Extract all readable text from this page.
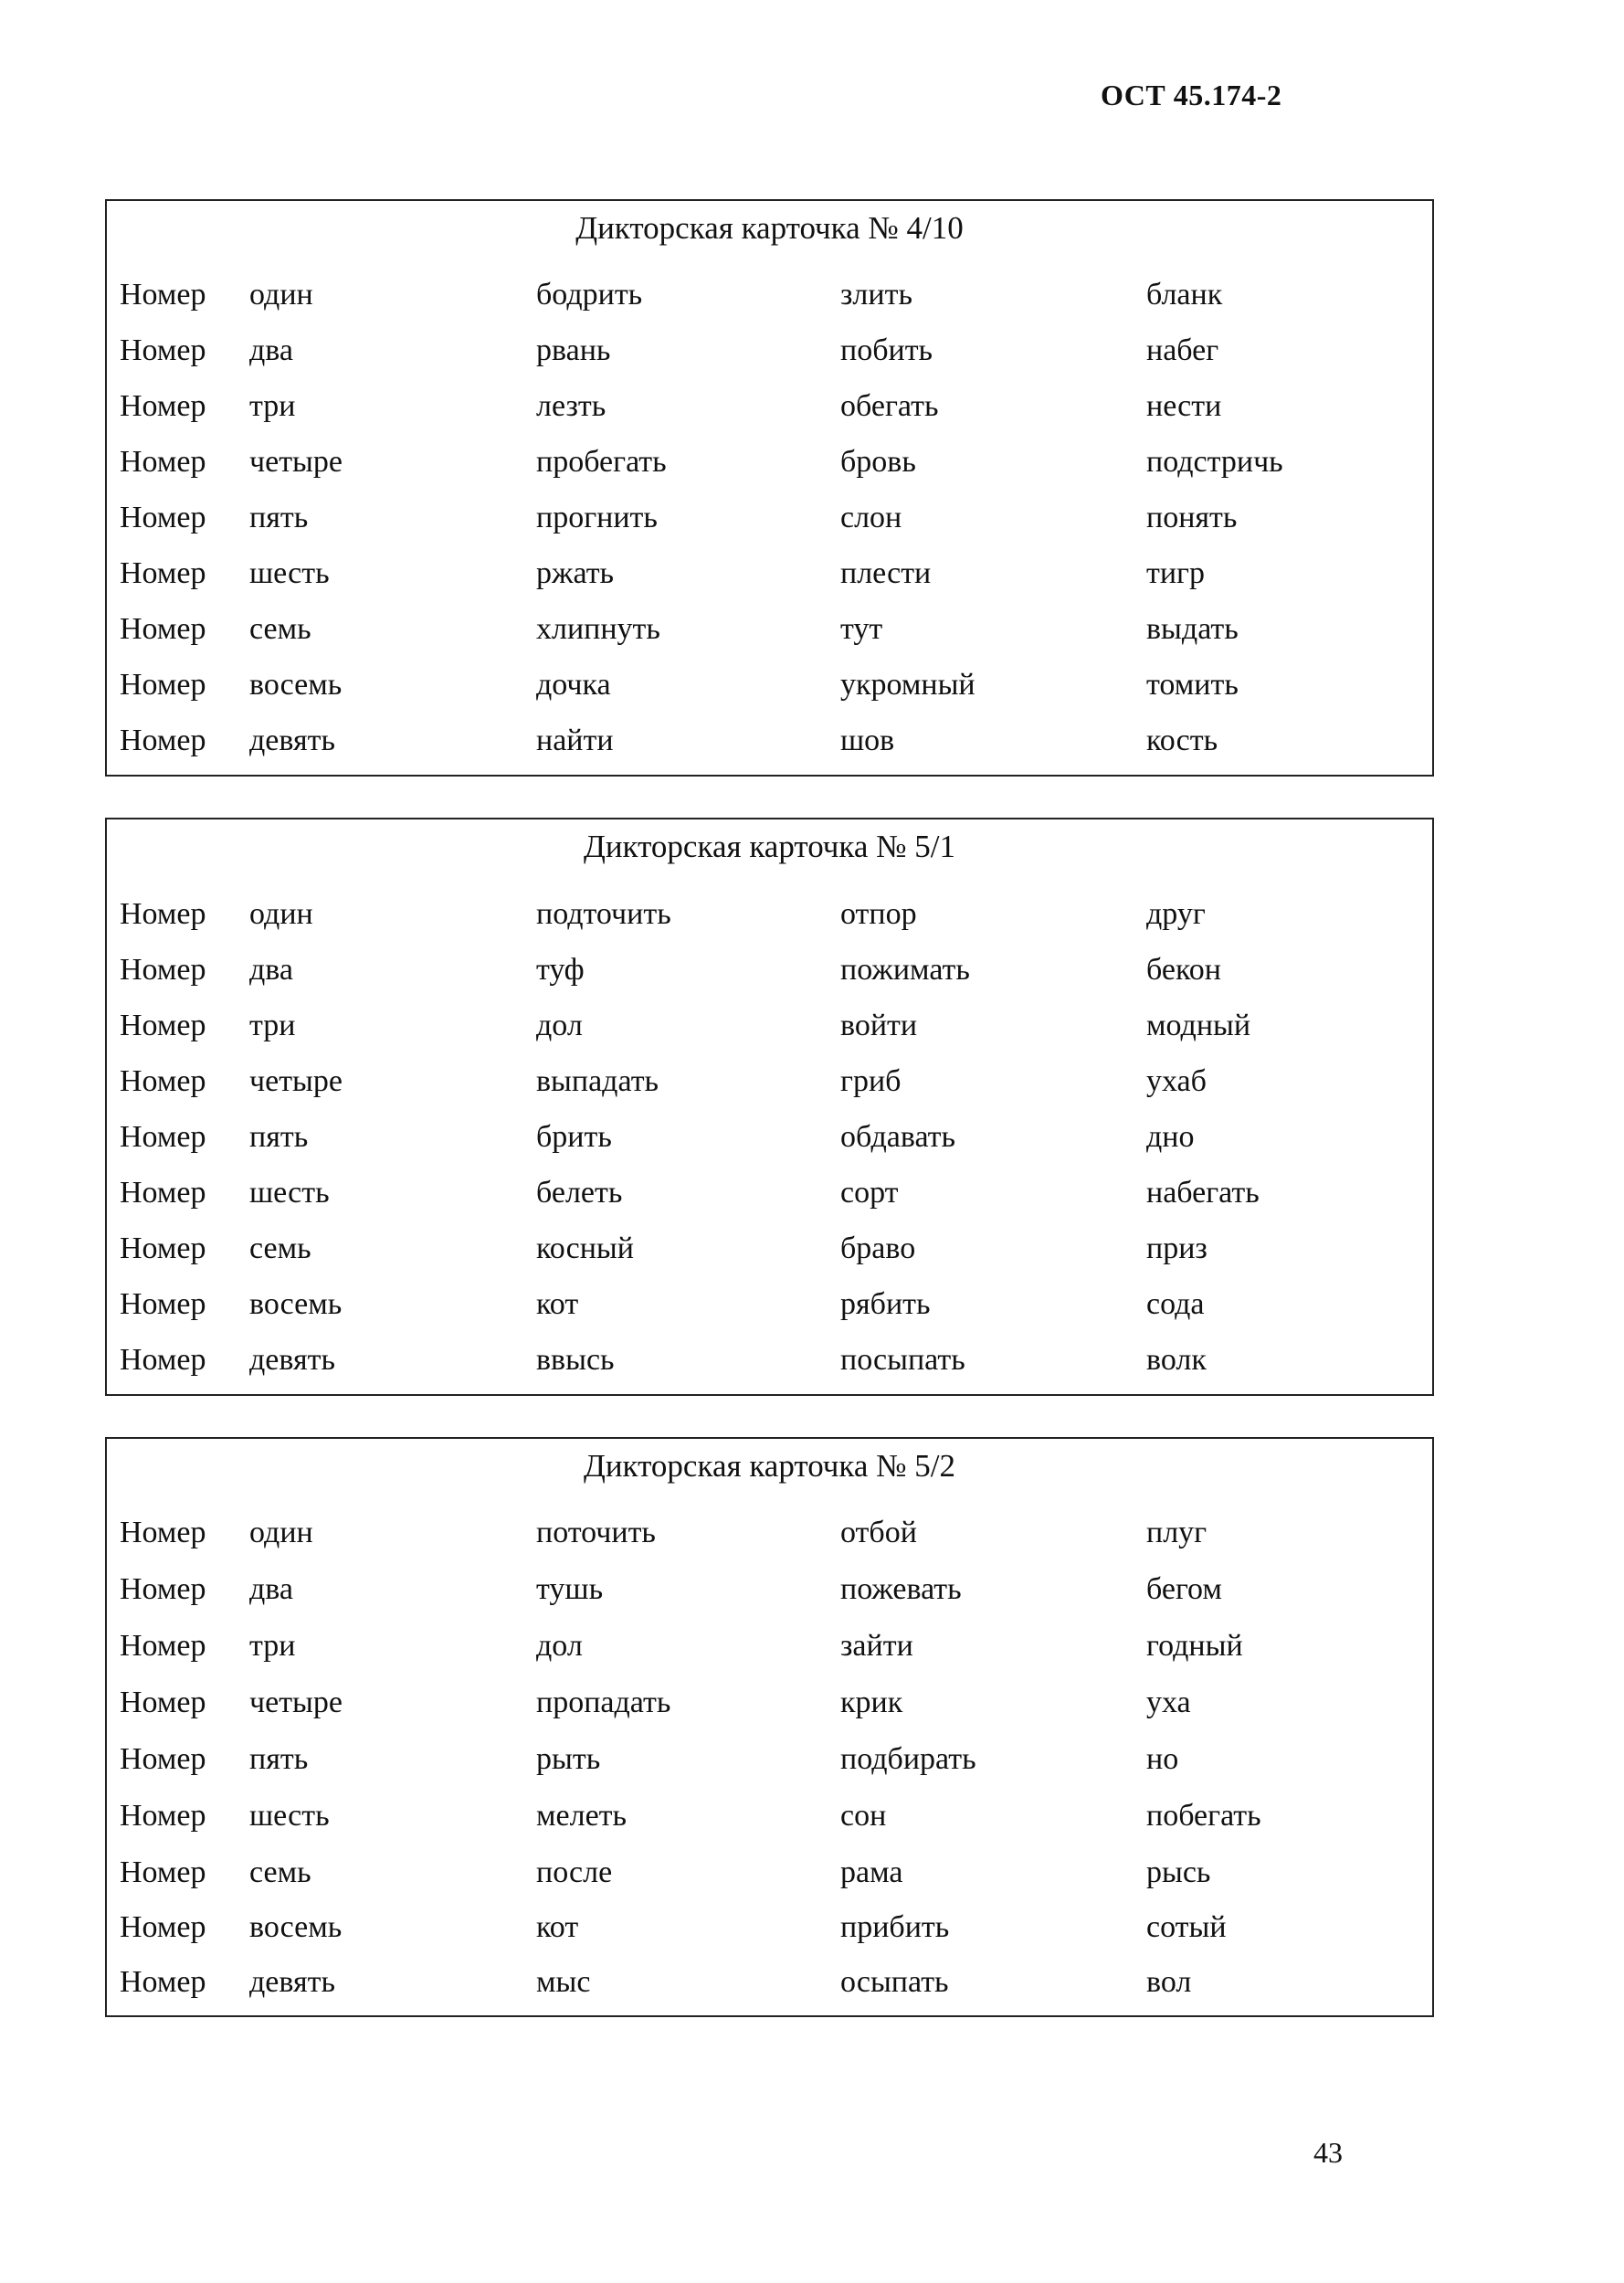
ОСТ 45.174-2
Дикторская карточка № 4/10
Номер один	бодрить	злить	бланк
Номер два	рвань	побить	набег
Номер три	лезть	обегать	нести
Номер четыре	пробегать	бровь	подстричь
Номер пять	прогнить	слон	понять
Номер шесть	ржать	плести	тигр
Номер семь	хлипнуть	тут	выдать
Номер восемь	дочка	укромный	томить
Номер девять	найти	шов	кость
Дикторская карточка № 5/1
Номер один	подточить	отпор	друг
Номер два	туф	пожимать	бекон
Номер три	дол	войти	модный
Номер четыре	выпадать	гриб	ухаб
Номер пять	брить	обдавать	дно
Номер шесть	белеть	сорт	набегать
Номер семь	косный	браво	приз
Номер восемь	кот	рябить	сода
Номер девять	ввысь	посыпать	волк
Дикторская карточка № 5/2
Номер один	поточить	отбой	плуг
Номер два	тушь	пожевать	бегом
Номер три	дол	зайти	годный
Номер четыре	пропадать	крик	уха
Номер пять	рыть	подбирать	но
Номер шесть	мелеть	сон	побегать
Номер семь	после	рама	рысь
Номер восемь	кот	прибить	сотый
Номер девять	мыс	осыпать	вол
43
